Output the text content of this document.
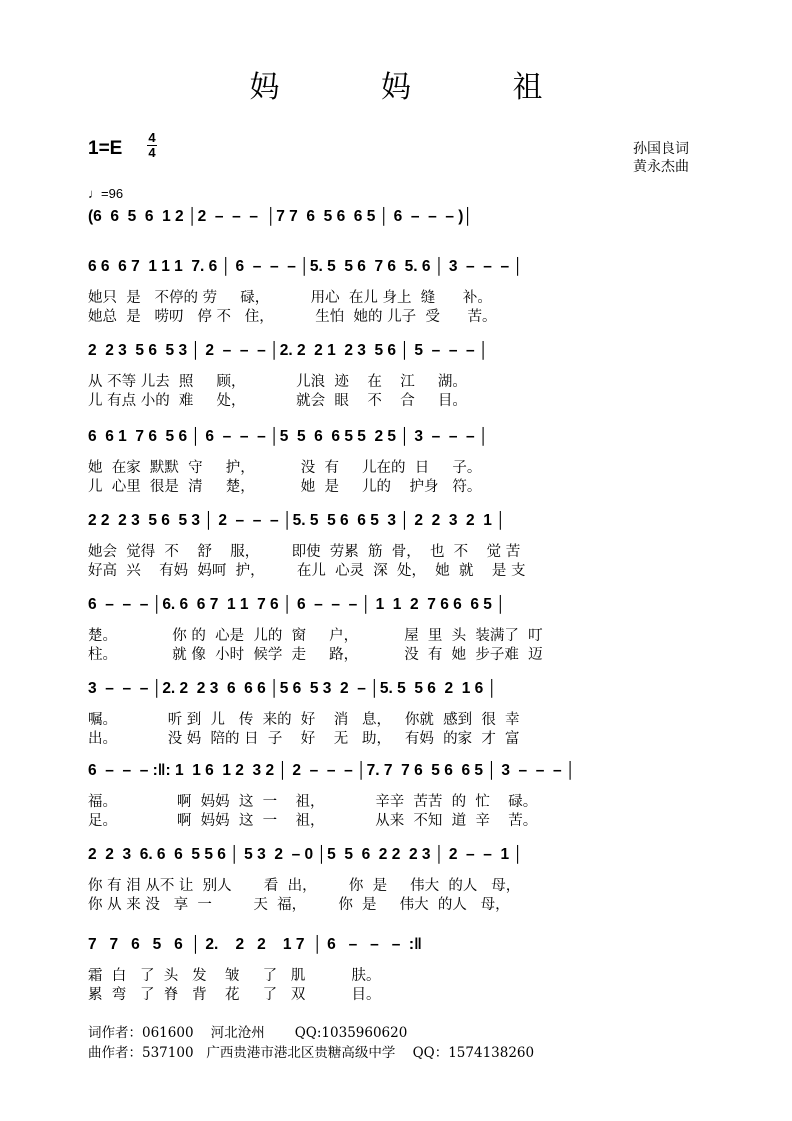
妈 妈 祖
1=E
4
4	孙国良词
黄永杰曲
♩=96
(6  6  5  6  1 2 │2  –  –  –  │7 7  6  5 6  6 5 │ 6  –  –  – )│
6 6  6 7  1 1 1  7. 6 │ 6  –  –  – │5. 5  5 6  7 6  5. 6 │ 3  –  –  – │
她只  是   不停的 劳     碌，         用心  在儿 身上  缝      补。
她总  是   唠叨   停 不   住，         生怕  她的 儿子  受      苦。
2  2 3  5 6  5 3 │ 2  –  –  – │2. 2  2 1  2 3  5 6 │ 5  –  –  – │
从 不等 儿去  照     顾，           儿浪  迹    在    江     湖。
儿 有点 小的  难     处，           就会  眼    不    合     目。
6  6 1  7 6  5 6 │ 6  –  –  – │5  5  6  6 5 5  2 5 │ 3  –  –  – │
她  在家  默默  守     护，          没  有     儿在的  日     子。
儿  心里  很是  清     楚，          她  是     儿的    护身   符。
2 2  2 3  5 6  5 3 │ 2  –  –  – │5. 5  5 6  6 5  3 │ 2  2  3  2  1 │
她会  觉得  不    舒    服，       即使  劳累  筋  骨，  也  不    觉 苦
好高  兴    有妈  妈呵  护，       在儿  心灵  深  处，  她  就    是 支
6  –  –  – │6. 6  6 7  1 1  7 6 │ 6  –  –  – │ 1  1  2  7 6 6  6 5 │
楚。            你 的  心是  儿的  窗     户，          屋  里  头  装满了  叮
柱。            就 像  小时  候学  走     路，          没  有  她  步子难  迈
3  –  –  – │2. 2  2 3  6  6 6 │5 6  5 3  2  – │5. 5  5 6  2  1 6 │
嘱。           听 到  儿   传  来的  好    消   息，   你就  感到  很  幸
出。           没 妈  陪的 日  子    好    无   助，   有妈  的家  才  富
6  –  –  – :‖: 1  1 6  1 2  3 2 │ 2  –  –  – │7. 7  7 6  5 6  6 5 │ 3  –  –  – │
福。             啊  妈妈  这  一    祖，           辛辛  苦苦  的  忙    碌。
足。             啊  妈妈  这  一    祖，           从来  不知  道  辛    苦。
2  2  3  6. 6  6  5 5 6 │ 5 3  2  – 0 │5  5  6  2 2  2 3 │ 2  –  –  1 │
你 有 泪 从不 让  别人       看  出，       你  是     伟大  的人   母，
你 从 来 没   享  一         天  福，       你  是     伟大  的人   母，
7   7   6   5   6  │ 2.    2   2    1 7  │ 6   –   –   –  :‖
霜  白   了  头   发    皱     了   肌          肤。
累  弯   了  脊   背    花     了   双          目。
词作者：061600    河北沧州       QQ:1035960620
曲作者：537100   广西贵港市港北区贵糖高级中学    QQ：1574138260
